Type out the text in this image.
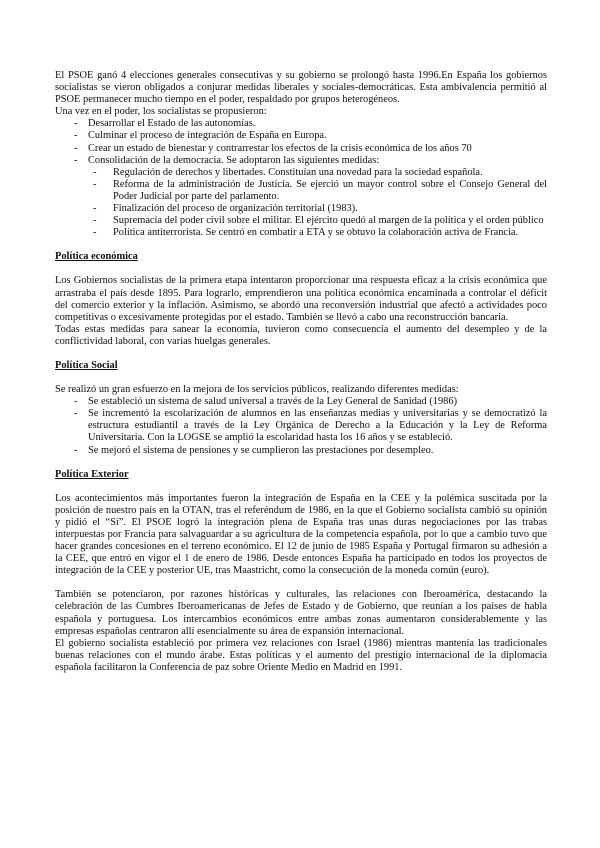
El PSOE ganó 4 elecciones generales consecutivas y su gobierno se prolongó hasta 1996.En España los gobiernos socialistas se vieron obligados a conjurar medidas liberales y sociales-democráticas. Esta ambivalencia permitió al PSOE permanecer mucho tiempo en el poder, respaldado por grupos heterogéneos.

Una vez en el poder, los socialistas se propusieron:

- Desarrollar el Estado de las autonomías.
- Culminar el proceso de integración de España en Europa.
- Crear un estado de bienestar y contrarrestar los efectos de la crisis económica de los años 70
- Consolidación de la democracia. Se adoptaron las siguientes medidas:
- Regulación de derechos y libertades. Constituían una novedad para la sociedad española.
- Reforma de la administración de Justicia. Se ejerció un mayor control sobre el Consejo General del Poder Judicial por parte del parlamento.
- Finalización del proceso de organización territorial (1983).
- Supremacía del poder civil sobre el militar. El ejército quedó al margen de la política y el orden público
- Política antiterrorista. Se centró en combatir a ETA y se obtuvo la colaboración activa de Francia.
Política económica

Los Gobiernos socialistas de la primera etapa intentaron proporcionar una respuesta eficaz a la crisis económica que arrastraba el país desde 1895. Para lograrlo, emprendieron una política económica encaminada a controlar el déficit del comercio exterior y la inflación. Asimismo, se abordó una reconversión industrial que afectó a actividades poco competitivas o excesivamente protegidas por el estado. También se llevó a cabo una reconstrucción bancaria.

Todas estas medidas para sanear la economía, tuvieron como consecuencia el aumento del desempleo y de la conflictividad laboral, con varias huelgas generales.

Política Social

Se realizó un gran esfuerzo en la mejora de los servicios públicos, realizando diferentes medidas:

- Se estableció un sistema de salud universal a través de la Ley General de Sanidad (1986)
- Se incrementó la escolarización de alumnos en las enseñanzas medias y universitarias y se democratizó la estructura estudiantil a través de la Ley Orgánica de Derecho a la Educación y la Ley de Reforma Universitaria. Con la LOGSE se amplió la escolaridad hasta los 16 años y se estableció.
- Se mejoró el sistema de pensiones y se cumplieron las prestaciones por desempleo.
Política Exterior

Los acontecimientos más importantes fueron la integración de España en la CEE y la polémica suscitada por la posición de nuestro país en la OTAN, tras el referéndum de 1986, en la que el Gobierno socialista cambió su opinión y pidió el “Sí”. El PSOE logró la integración plena de España tras unas duras negociaciones por las trabas interpuestas por Francia para salvaguardar a su agricultura de la competencia española, por lo que a cambio tuvo que hacer grandes concesiones en el terreno económico. El 12 de junio de 1985 España y Portugal firmaron su adhesión a la CEE, que entró en vigor el 1 de enero de 1986. Desde entonces España ha participado en todos los proyectos de integración de la CEE y posterior UE, tras Maastricht, como la consecución de la moneda común (euro).

También se potenciaron, por razones históricas y culturales, las relaciones con Iberoamérica, destacando la celebración de las Cumbres Iberoamericanas de Jefes de Estado y de Gobierno, que reunían a los países de habla española y portuguesa. Los intercambios económicos entre ambas zonas aumentaron considerablemente y las empresas españolas centraron allí esencialmente su área de expansión internacional.

El gobierno socialista estableció por primera vez relaciones con Israel (1986) mientras mantenía las tradicionales buenas relaciones con el mundo árabe. Estas políticas y el aumento del prestigio internacional de la diplomacia española facilitaron la Conferencia de paz sobre Oriente Medio en Madrid en 1991.
